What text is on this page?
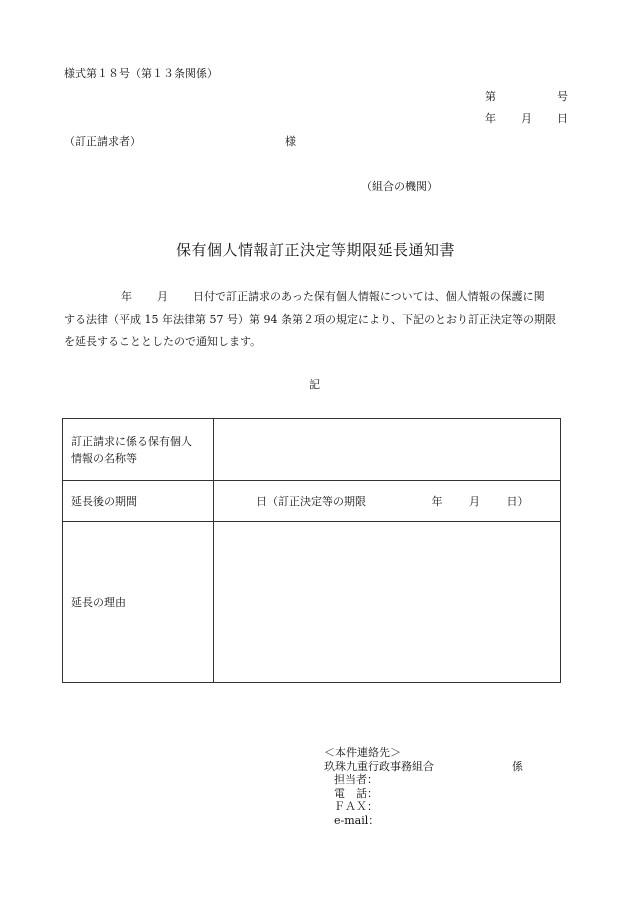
様式第１８号（第１３条関係）
第	号
年 月 日
（訂正請求者）	様
（組合の機関）
保有個人情報訂正決定等期限延長通知書
年 月 日付で訂正請求のあった保有個人情報については、個人情報の保護に関
する法律（平成 15 年法律第 57 号）第 94 条第２項の規定により、下記のとおり訂正決定等の期限
を延長することとしたので通知します。
記
訂正請求に係る保有個人
情報の名称等	

延長後の期間	日（訂正決定等の期限 年 月 日）
延長の理由	
＜本件連絡先＞
玖珠九重行政事務組合	係
担当者：
電　話：
ＦＡＸ：
e-mail：
